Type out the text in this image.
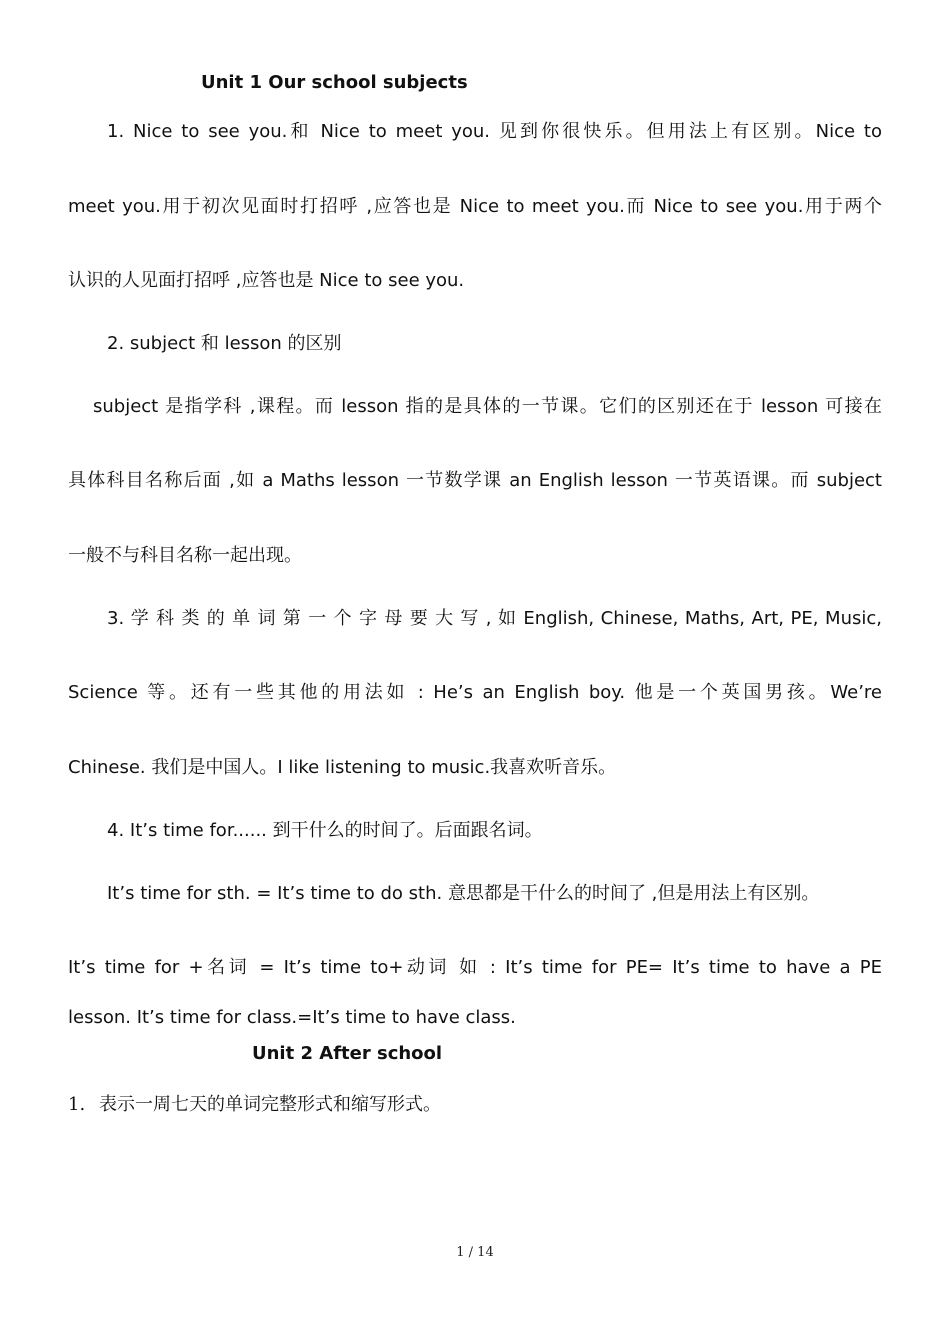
Unit 1 Our school subjects
1. Nice to see you.和 Nice to meet you. 见到你很快乐。但用法上有区别。Nice to
meet you.用于初次见面时打招呼 ,应答也是 Nice to meet you.而 Nice to see you.用于两个
认识的人见面打招呼 ,应答也是 Nice to see you.
2. subject 和 lesson 的区别
subject 是指学科 ,课程。而 lesson 指的是具体的一节课。它们的区别还在于 lesson 可接在
具体科目名称后面 ,如 a Maths lesson 一节数学课 an English lesson 一节英语课。而 subject
一般不与科目名称一起出现。
3. 学 科 类 的 单 词 第 一 个 字 母 要 大 写 , 如 English, Chinese, Maths, Art, PE, Music,
Science 等。还有一些其他的用法如 : He’s an English boy. 他是一个英国男孩。We’re
Chinese. 我们是中国人。I like listening to music.我喜欢听音乐。
4. It’s time for...... 到干什么的时间了。后面跟名词。
It’s time for sth. = It’s time to do sth. 意思都是干什么的时间了 ,但是用法上有区别。
It’s time for +名词 = It’s time to+动词 如 : It’s time for PE= It’s time to have a PE
lesson. It’s time for class.=It’s time to have class.
Unit 2 After school
1. 表示一周七天的单词完整形式和缩写形式。
1 / 14
